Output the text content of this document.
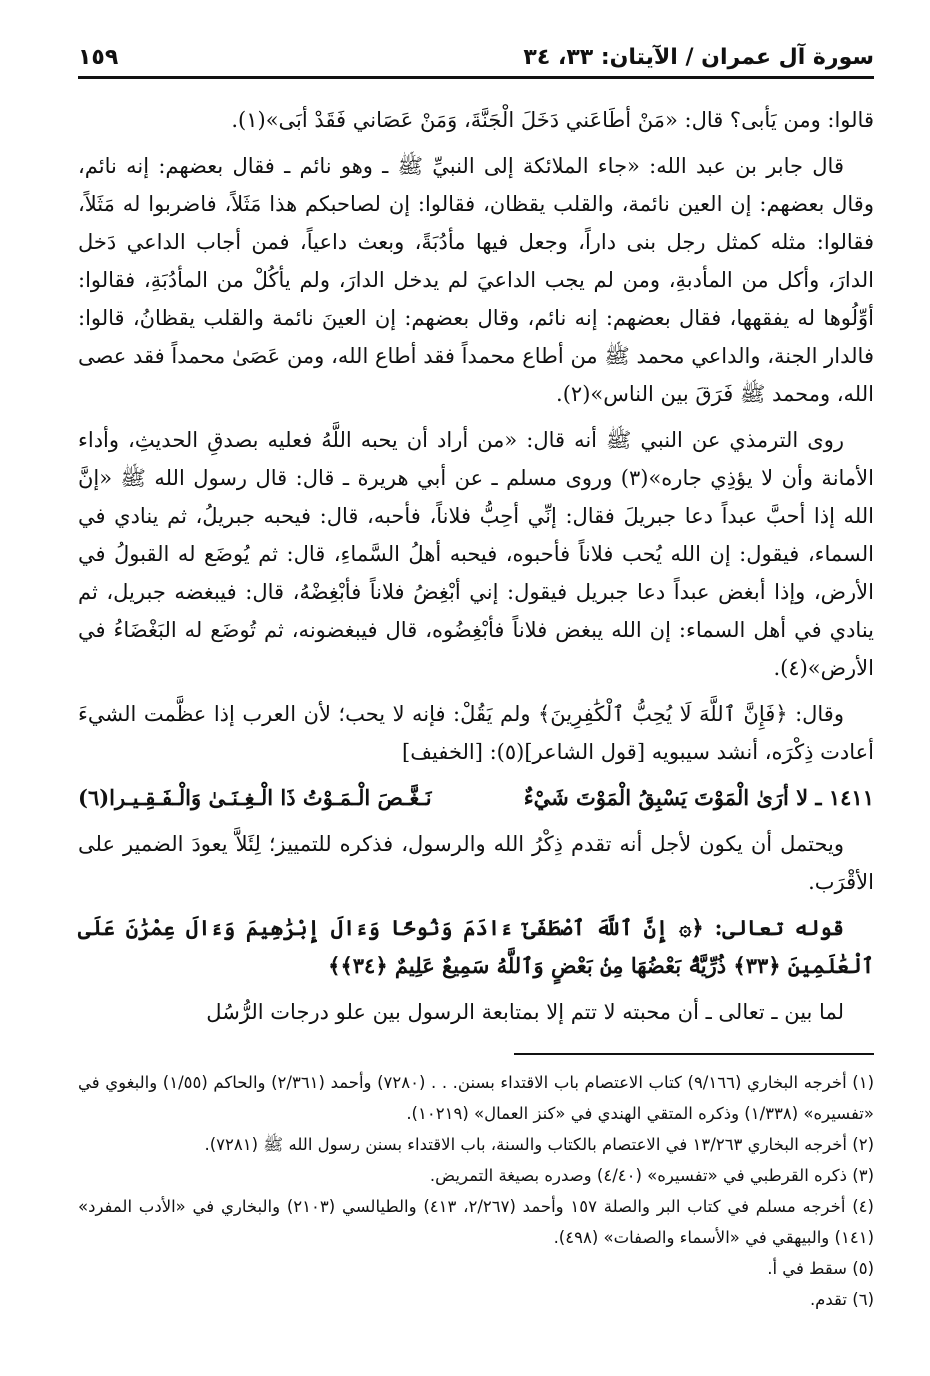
سورة آل عمران / الآيتان: ٣٣، ٣٤
١٥٩

قالوا: ومن يَأبى؟ قال: «مَنْ أطَاعَني دَخَلَ الْجَنَّةَ، وَمَنْ عَصَاني فَقَدْ أبَى»(١).

قال جابر بن عبد الله: «جاء الملائكة إلى النبيِّ ﷺ ـ وهو نائم ـ فقال بعضهم: إنه نائم، وقال بعضهم: إن العين نائمة، والقلب يقظان، فقالوا: إن لصاحبكم هذا مَثَلاً، فاضربوا له مَثَلاً، فقالوا: مثله كمثل رجل بنى داراً، وجعل فيها مأدُبَةً، وبعث داعياً، فمن أجاب الداعي دَخل الدارَ، وأكل من المأدبةِ، ومن لم يجب الداعيَ لم يدخل الدارَ، ولم يأكُلْ من المأدُبَةِ، فقالوا: أوِّلُوها له يفقهها، فقال بعضهم: إنه نائم، وقال بعضهم: إن العينَ نائمة والقلب يقظانُ، قالوا: فالدار الجنة، والداعي محمد ﷺ من أطاع محمداً فقد أطاع الله، ومن عَصَىٰ محمداً فقد عصى الله، ومحمد ﷺ فَرَقَ بين الناس»(٢).

روى الترمذي عن النبي ﷺ أنه قال: «من أراد أن يحبه اللَّهُ فعليه بصدقِ الحديثِ، وأداء الأمانة وأن لا يؤذِي جاره»(٣) وروى مسلم ـ عن أبي هريرة ـ قال: قال رسول الله ﷺ «إنَّ الله إذا أحبَّ عبداً دعا جبريلَ فقال: إنِّي أحِبُّ فلاناً، فأحبه، قال: فيحبه جبريلُ، ثم ينادي في السماء، فيقول: إن الله يُحب فلاناً فأحبوه، فيحبه أهلُ السَّماءِ، قال: ثم يُوضَع له القبولُ في الأرض، وإذا أبغض عبداً دعا جبريل فيقول: إني أبْغِضُ فلاناً فأبْغِضْهُ، قال: فيبغضه جبريل، ثم ينادي في أهل السماء: إن الله يبغض فلاناً فأبْغِضُوه، قال فيبغضونه، ثم تُوضَع له البَغْضَاءُ في الأرض»(٤).

وقال: ﴿فَإِنَّ ٱللَّهَ لَا يُحِبُّ ٱلْكَٰفِرِينَ﴾ ولم يَقُلْ: فإنه لا يحب؛ لأن العرب إذا عظَّمت الشيءَ أعادت ذِكْرَه، أنشد سيبويه [قول الشاعر](٥): [الخفيف]

١٤١١ ـ لا أرَىٰ الْمَوْتَ يَسْبِقُ الْمَوْتَ شَيْءٌ
نَـغَّـصَ الْـمَـوْتُ ذَا الْـغِـنَـىٰ وَالْـفَـقِـيـرا(٦)

ويحتمل أن يكون لأجل أنه تقدم ذِكْرُ الله والرسول، فذكره للتمييز؛ لِئَلاَّ يعودَ الضمير على الأقْرَب.

قوله تعالى: ﴿۞ إِنَّ ٱللَّهَ ٱصْطَفَىٰٓ ءَادَمَ وَنُوحًا وَءَالَ إِبْرَٰهِيمَ وَءَالَ عِمْرَٰنَ عَلَى ٱلْعَٰلَمِينَ ﴿٣٣﴾ ذُرِّيَّةًۢ بَعْضُهَا مِنۢ بَعْضٍ وَٱللَّهُ سَمِيعٌ عَلِيمٌ ﴿٣٤﴾﴾

لما بين ـ تعالى ـ أن محبته لا تتم إلا بمتابعة الرسول بين علو درجات الرُّسُل

(١) أخرجه البخاري (٩/١٦٦) كتاب الاعتصام باب الاقتداء بسنن. . . (٧٢٨٠) وأحمد (٢/٣٦١) والحاكم (١/٥٥) والبغوي في «تفسيره» (١/٣٣٨) وذكره المتقي الهندي في «كنز العمال» (١٠٢١٩).
(٢) أخرجه البخاري ١٣/٢٦٣ في الاعتصام بالكتاب والسنة، باب الاقتداء بسنن رسول الله ﷺ (٧٢٨١).
(٣) ذكره القرطبي في «تفسيره» (٤/٤٠) وصدره بصيغة التمريض.
(٤) أخرجه مسلم في كتاب البر والصلة ١٥٧ وأحمد (٢/٢٦٧، ٤١٣) والطيالسي (٢١٠٣) والبخاري في «الأدب المفرد» (١٤١) والبيهقي في «الأسماء والصفات» (٤٩٨).
(٥) سقط في أ.
(٦) تقدم.
